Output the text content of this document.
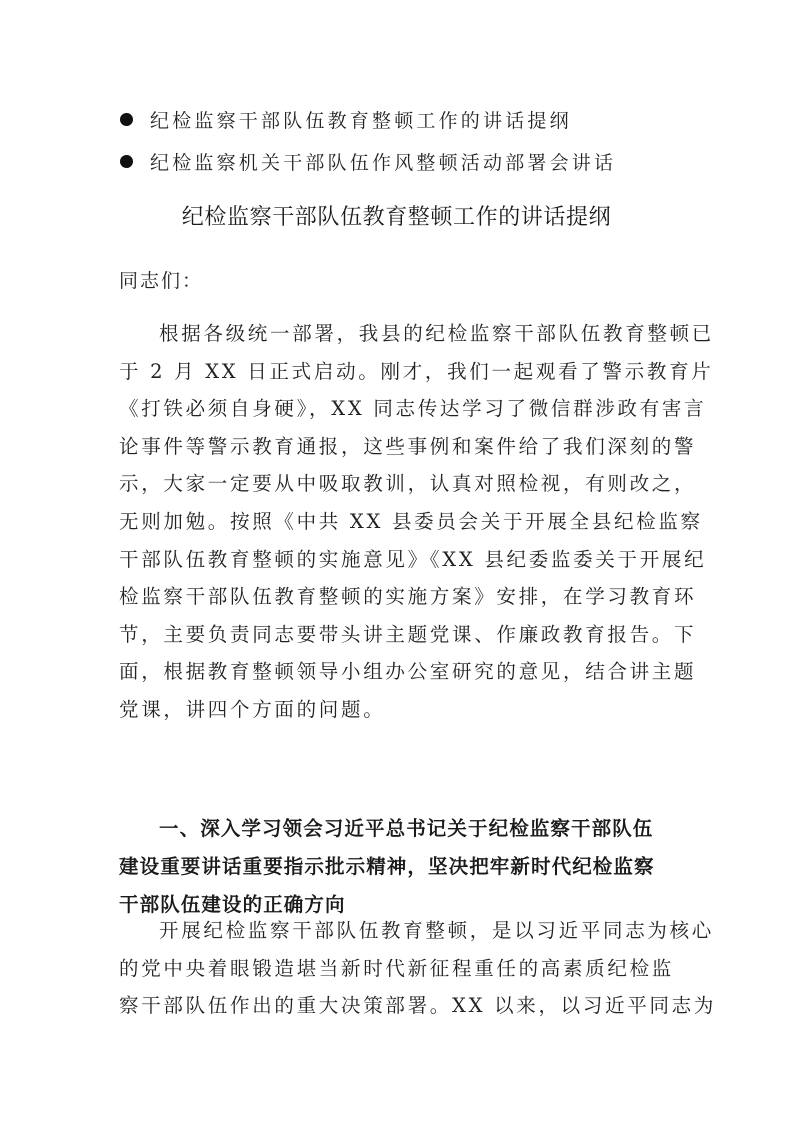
纪检监察干部队伍教育整顿工作的讲话提纲
纪检监察机关干部队伍作风整顿活动部署会讲话
纪检监察干部队伍教育整顿工作的讲话提纲
同志们：
根据各级统一部署，我县的纪检监察干部队伍教育整顿已
于 2 月 XX 日正式启动。刚才，我们一起观看了警示教育片
《打铁必须自身硬》，XX 同志传达学习了微信群涉政有害言
论事件等警示教育通报，这些事例和案件给了我们深刻的警
示，大家一定要从中吸取教训，认真对照检视，有则改之，
无则加勉。按照《中共 XX 县委员会关于开展全县纪检监察
干部队伍教育整顿的实施意见》《XX 县纪委监委关于开展纪
检监察干部队伍教育整顿的实施方案》安排，在学习教育环
节，主要负责同志要带头讲主题党课、作廉政教育报告。下
面，根据教育整顿领导小组办公室研究的意见，结合讲主题
党课，讲四个方面的问题。
一、深入学习领会习近平总书记关于纪检监察干部队伍
建设重要讲话重要指示批示精神，坚决把牢新时代纪检监察
干部队伍建设的正确方向
开展纪检监察干部队伍教育整顿，是以习近平同志为核心
的党中央着眼锻造堪当新时代新征程重任的高素质纪检监
察干部队伍作出的重大决策部署。XX 以来，以习近平同志为
